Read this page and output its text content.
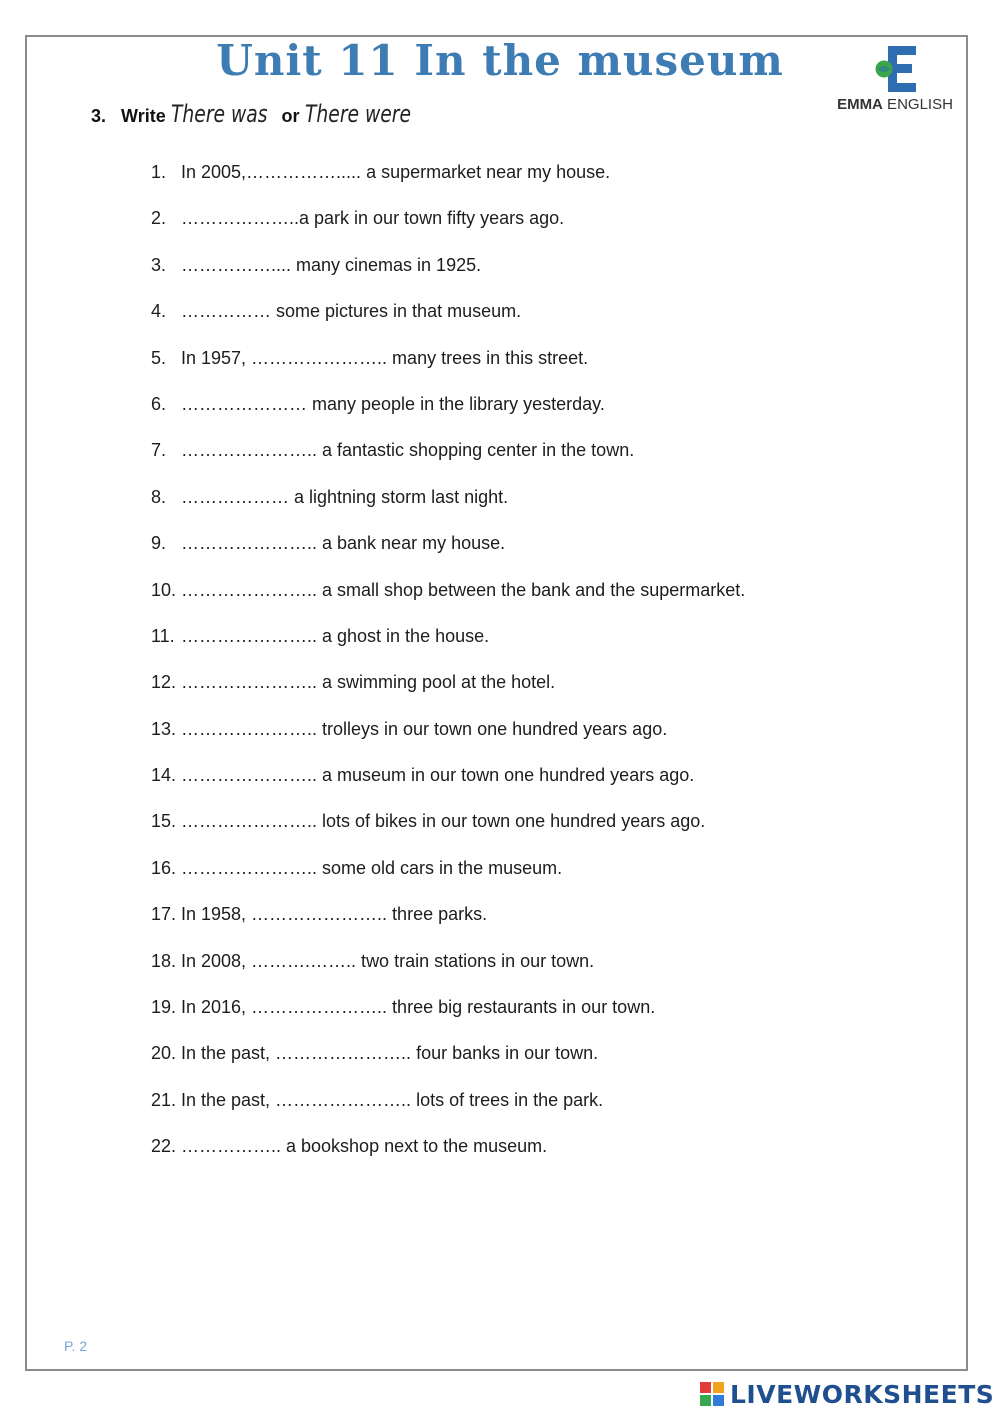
Unit 11 In the museum
EMMA ENGLISH
3. Write There was or There were
1. In 2005,……………..... a supermarket near my house.
2. ………………..a park in our town fifty years ago.
3. …………….... many cinemas in 1925.
4. …………… some pictures in that museum.
5. In 1957, ………………….. many trees in this street.
6. ………………… many people in the library yesterday.
7. ………………….. a fantastic shopping center in the town.
8. ……………… a lightning storm last night.
9. ………………….. a bank near my house.
10. ………………….. a small shop between the bank and the supermarket.
11. ………………….. a ghost in the house.
12. ………………….. a swimming pool at the hotel.
13. ………………….. trolleys in our town one hundred years ago.
14. ………………….. a museum in our town one hundred years ago.
15. ………………….. lots of bikes in our town one hundred years ago.
16. ………………….. some old cars in the museum.
17. In 1958, ………………….. three parks.
18. In 2008, ……….…….. two train stations in our town.
19. In 2016, ………………….. three big restaurants in our town.
20. In the past, ………………….. four banks in our town.
21. In the past, ………………….. lots of trees in the park.
22. …………….. a bookshop next to the museum.
P. 2
LIVEWORKSHEETS
